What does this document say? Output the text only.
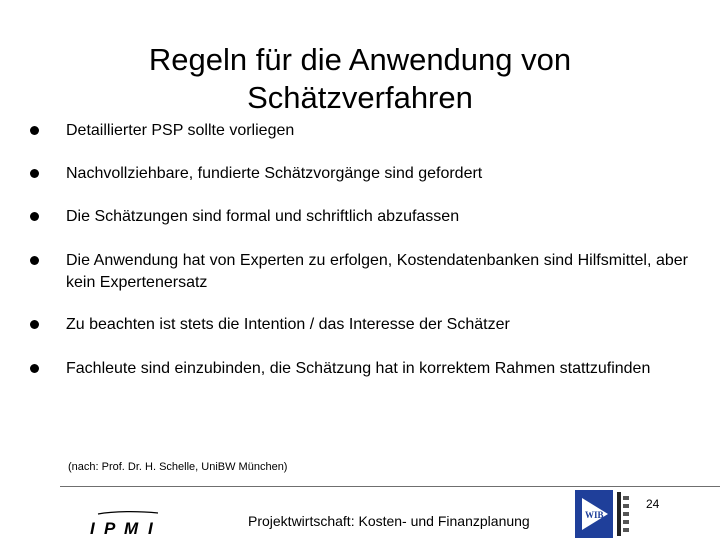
Regeln für die Anwendung von
Schätzverfahren
Detaillierter PSP sollte vorliegen
Nachvollziehbare, fundierte Schätzvorgänge sind gefordert
Die Schätzungen sind formal und schriftlich abzufassen
Die Anwendung hat von Experten zu erfolgen, Kostendatenbanken sind Hilfsmittel, aber kein Expertenersatz
Zu beachten ist stets die Intention / das Interesse der Schätzer
Fachleute sind einzubinden, die Schätzung hat in korrektem Rahmen stattzufinden
(nach: Prof. Dr. H. Schelle, UniBW München)
I P M I	Projektwirtschaft: Kosten- und Finanzplanung	WIB
24
